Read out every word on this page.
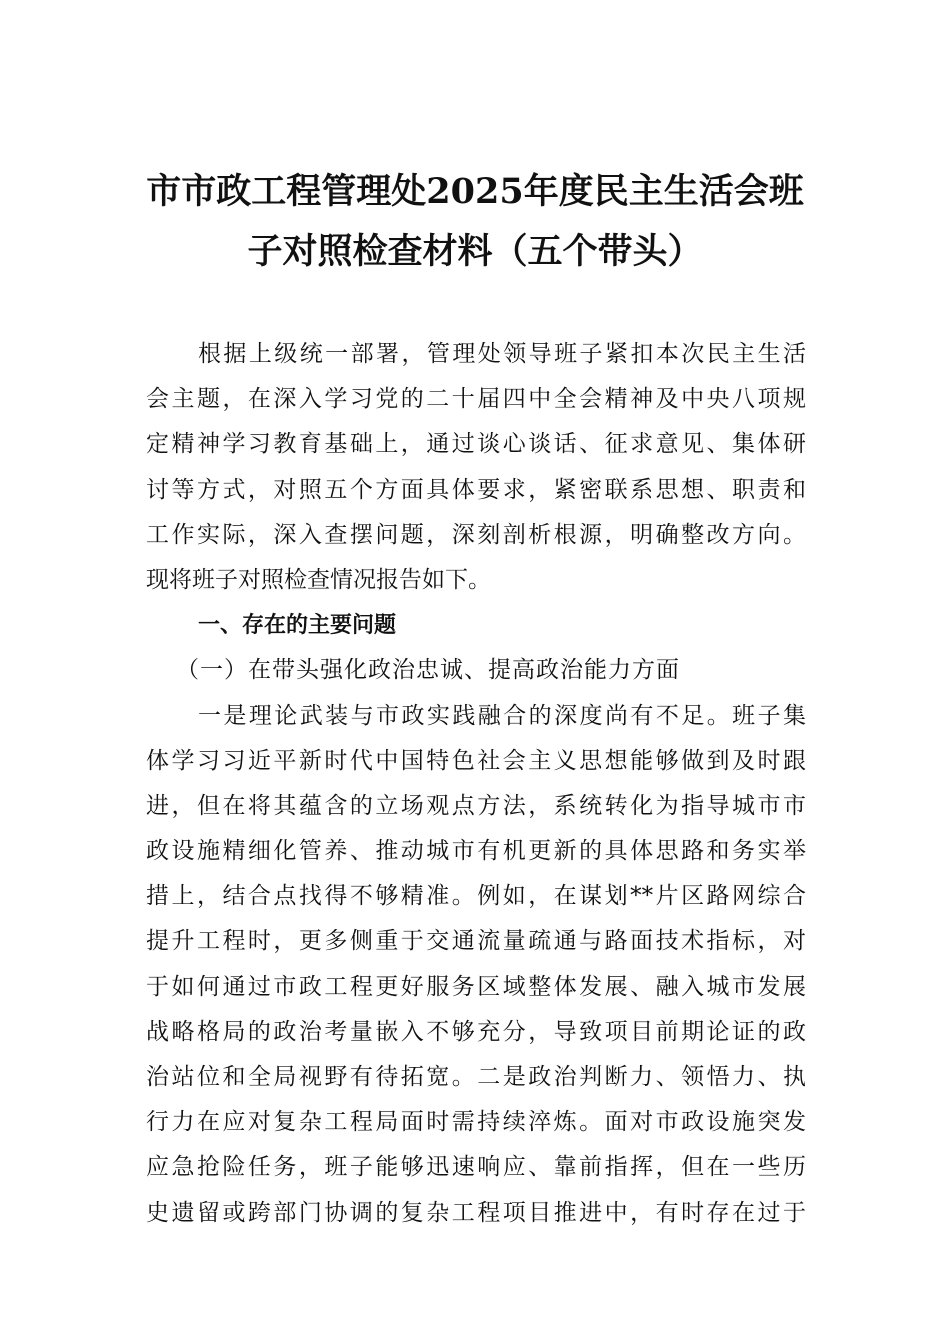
市市政工程管理处2025年度民主生活会班
子对照检查材料（五个带头）
根据上级统一部署，管理处领导班子紧扣本次民主生活
会主题，在深入学习党的二十届四中全会精神及中央八项规
定精神学习教育基础上，通过谈心谈话、征求意见、集体研
讨等方式，对照五个方面具体要求，紧密联系思想、职责和
工作实际，深入查摆问题，深刻剖析根源，明确整改方向。
现将班子对照检查情况报告如下。
一、存在的主要问题
（一）在带头强化政治忠诚、提高政治能力方面
一是理论武装与市政实践融合的深度尚有不足。班子集
体学习习近平新时代中国特色社会主义思想能够做到及时跟
进，但在将其蕴含的立场观点方法，系统转化为指导城市市
政设施精细化管养、推动城市有机更新的具体思路和务实举
措上，结合点找得不够精准。例如，在谋划**片区路网综合
提升工程时，更多侧重于交通流量疏通与路面技术指标，对
于如何通过市政工程更好服务区域整体发展、融入城市发展
战略格局的政治考量嵌入不够充分，导致项目前期论证的政
治站位和全局视野有待拓宽。二是政治判断力、领悟力、执
行力在应对复杂工程局面时需持续淬炼。面对市政设施突发
应急抢险任务，班子能够迅速响应、靠前指挥，但在一些历
史遗留或跨部门协调的复杂工程项目推进中，有时存在过于
